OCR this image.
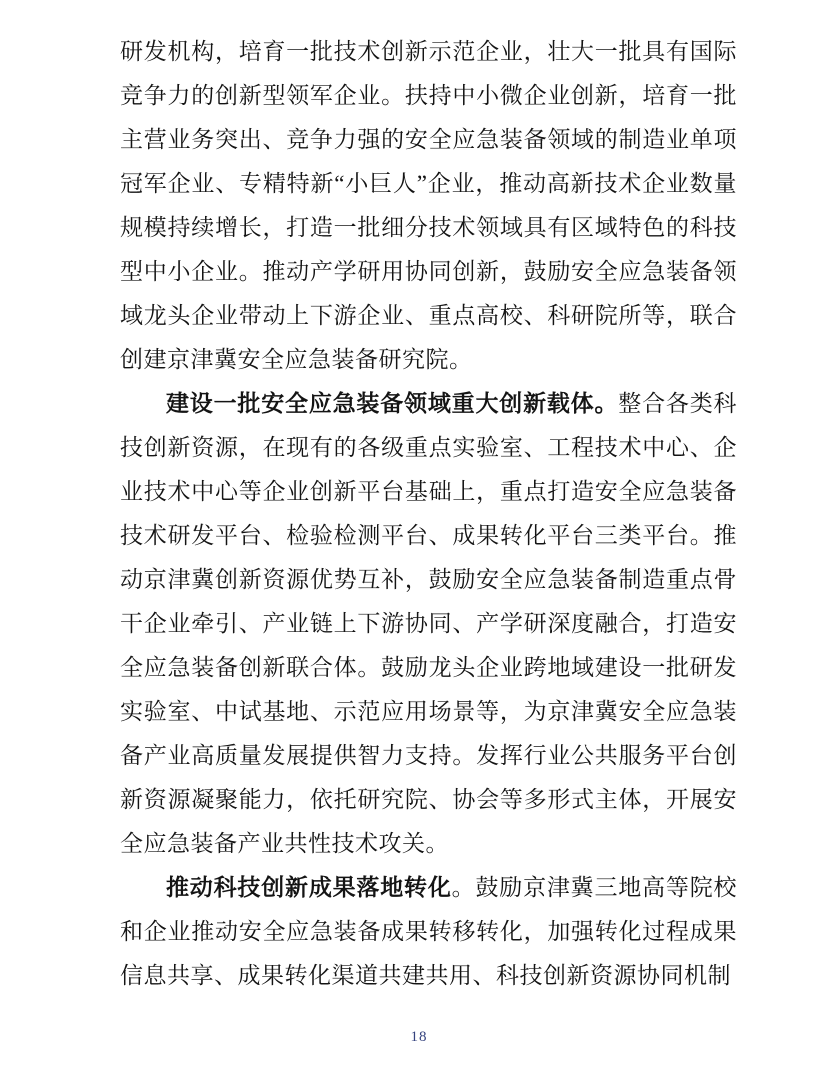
研发机构，培育一批技术创新示范企业，壮大一批具有国际竞争力的创新型领军企业。扶持中小微企业创新，培育一批主营业务突出、竞争力强的安全应急装备领域的制造业单项冠军企业、专精特新“小巨人”企业，推动高新技术企业数量规模持续增长，打造一批细分技术领域具有区域特色的科技型中小企业。推动产学研用协同创新，鼓励安全应急装备领域龙头企业带动上下游企业、重点高校、科研院所等，联合创建京津冀安全应急装备研究院。

建设一批安全应急装备领域重大创新载体。整合各类科技创新资源，在现有的各级重点实验室、工程技术中心、企业技术中心等企业创新平台基础上，重点打造安全应急装备技术研发平台、检验检测平台、成果转化平台三类平台。推动京津冀创新资源优势互补，鼓励安全应急装备制造重点骨干企业牵引、产业链上下游协同、产学研深度融合，打造安全应急装备创新联合体。鼓励龙头企业跨地域建设一批研发实验室、中试基地、示范应用场景等，为京津冀安全应急装备产业高质量发展提供智力支持。发挥行业公共服务平台创新资源凝聚能力，依托研究院、协会等多形式主体，开展安全应急装备产业共性技术攻关。

推动科技创新成果落地转化。鼓励京津冀三地高等院校和企业推动安全应急装备成果转移转化，加强转化过程成果信息共享、成果转化渠道共建共用、科技创新资源协同机制

18
